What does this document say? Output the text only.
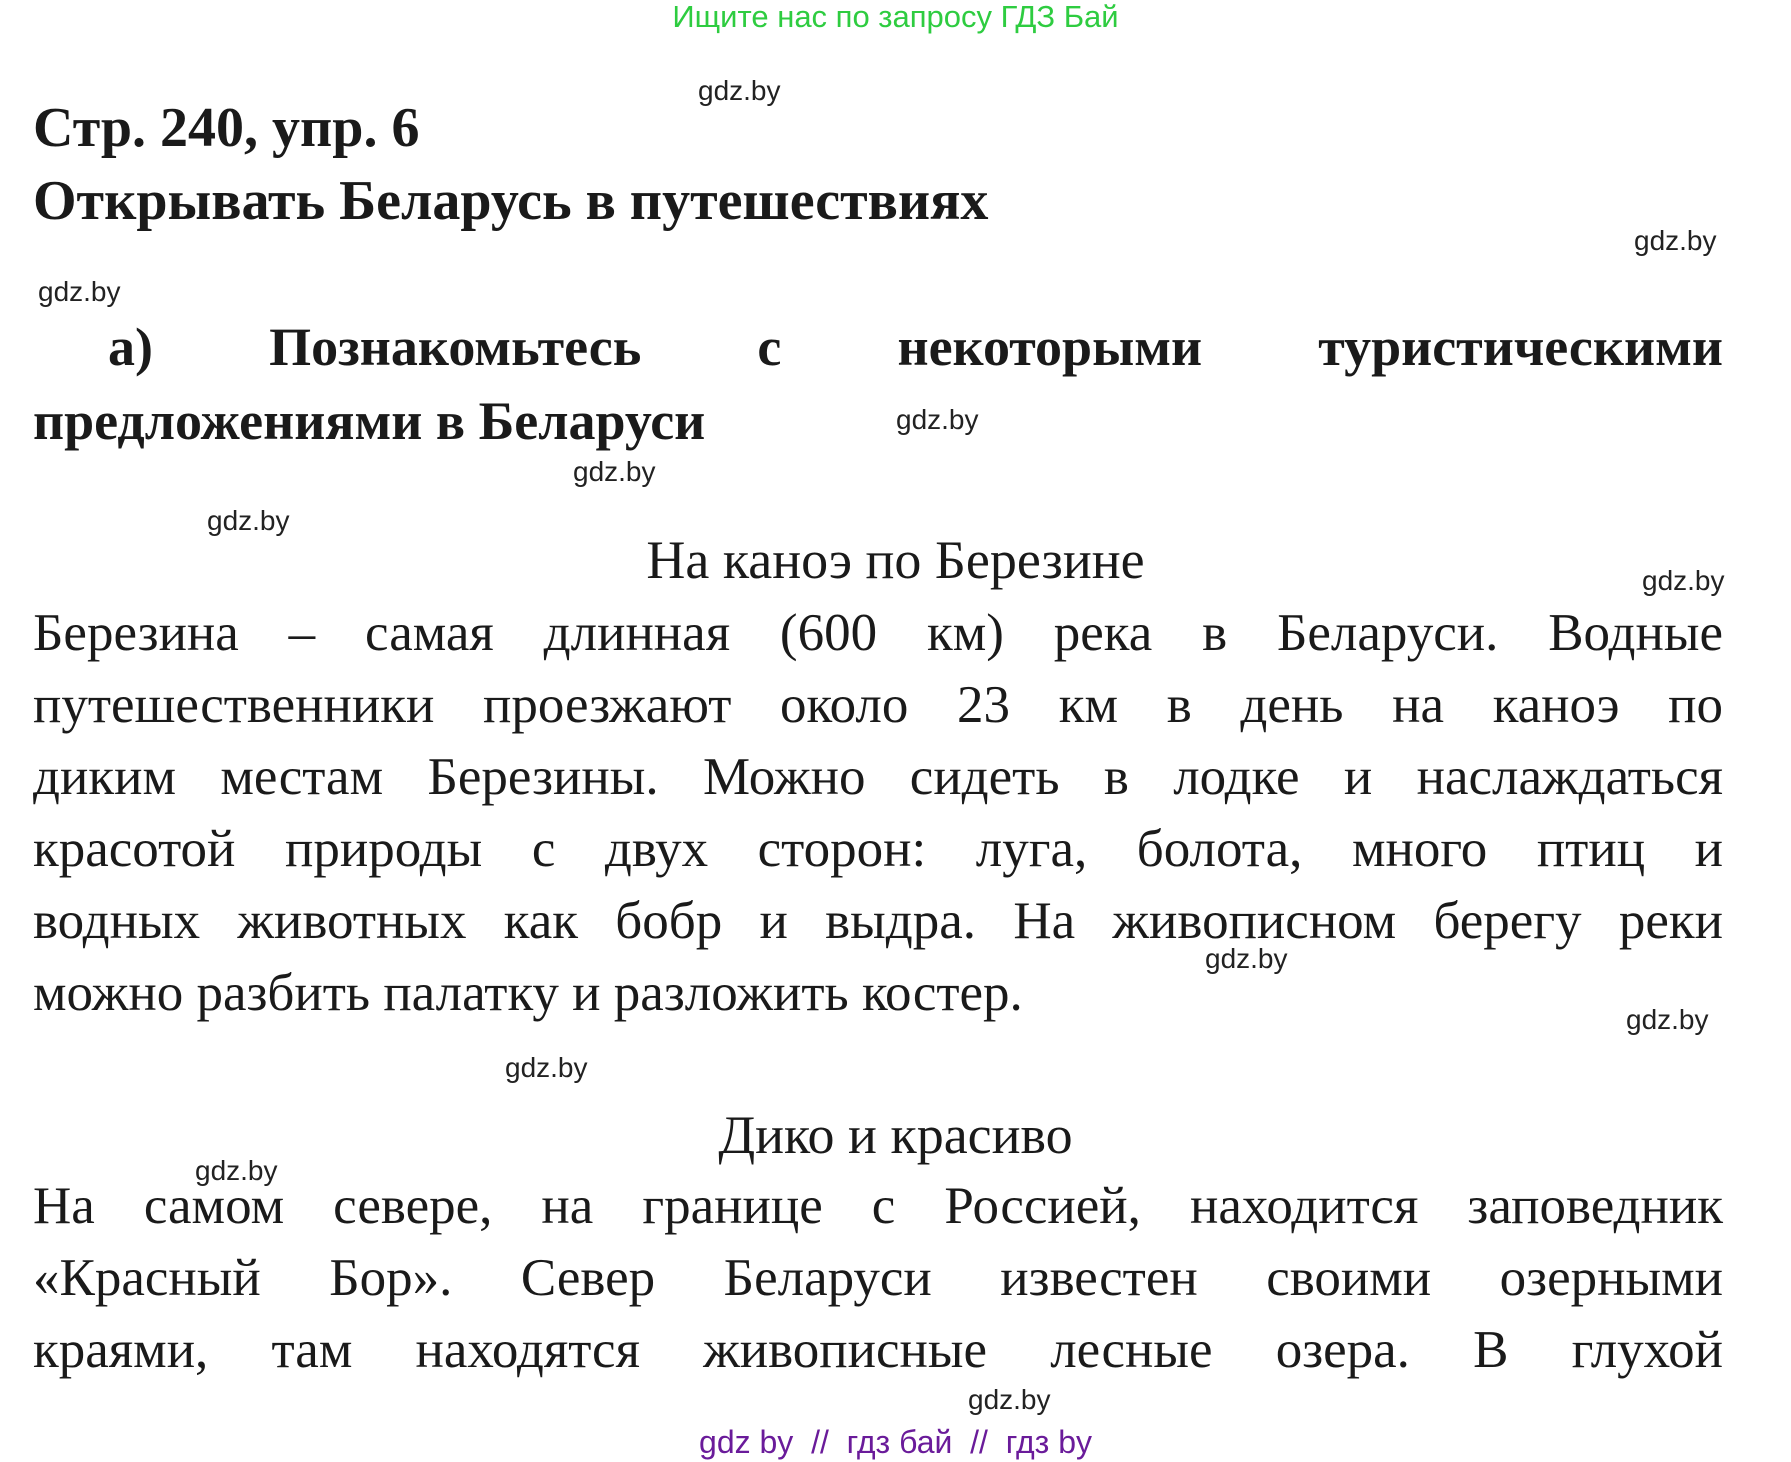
Ищите нас по запросу ГДЗ Бай
gdz.by
gdz.by
gdz.by
gdz.by
gdz.by
gdz.by
gdz.by
gdz.by
gdz.by
gdz.by
gdz.by
gdz.by
Стр. 240, упр. 6
Открывать Беларусь в путешествиях
а) Познакомьтесь с некоторыми туристическими
предложениями в Беларуси
На каноэ по Березине
Березина – самая длинная (600 км) река в Беларуси. Водные
путешественники проезжают около 23 км в день на каноэ по
диким местам Березины. Можно сидеть в лодке и наслаждаться
красотой природы с двух сторон: луга, болота, много птиц и
водных животных как бобр и выдра. На живописном берегу реки
можно разбить палатку и разложить костер.
Дико и красиво
На самом севере, на границе с Россией, находится заповедник
«Красный Бор». Север Беларуси известен своими озерными
краями, там находятся живописные лесные озера. В глухой
gdz by  //  гдз бай  //  гдз by
